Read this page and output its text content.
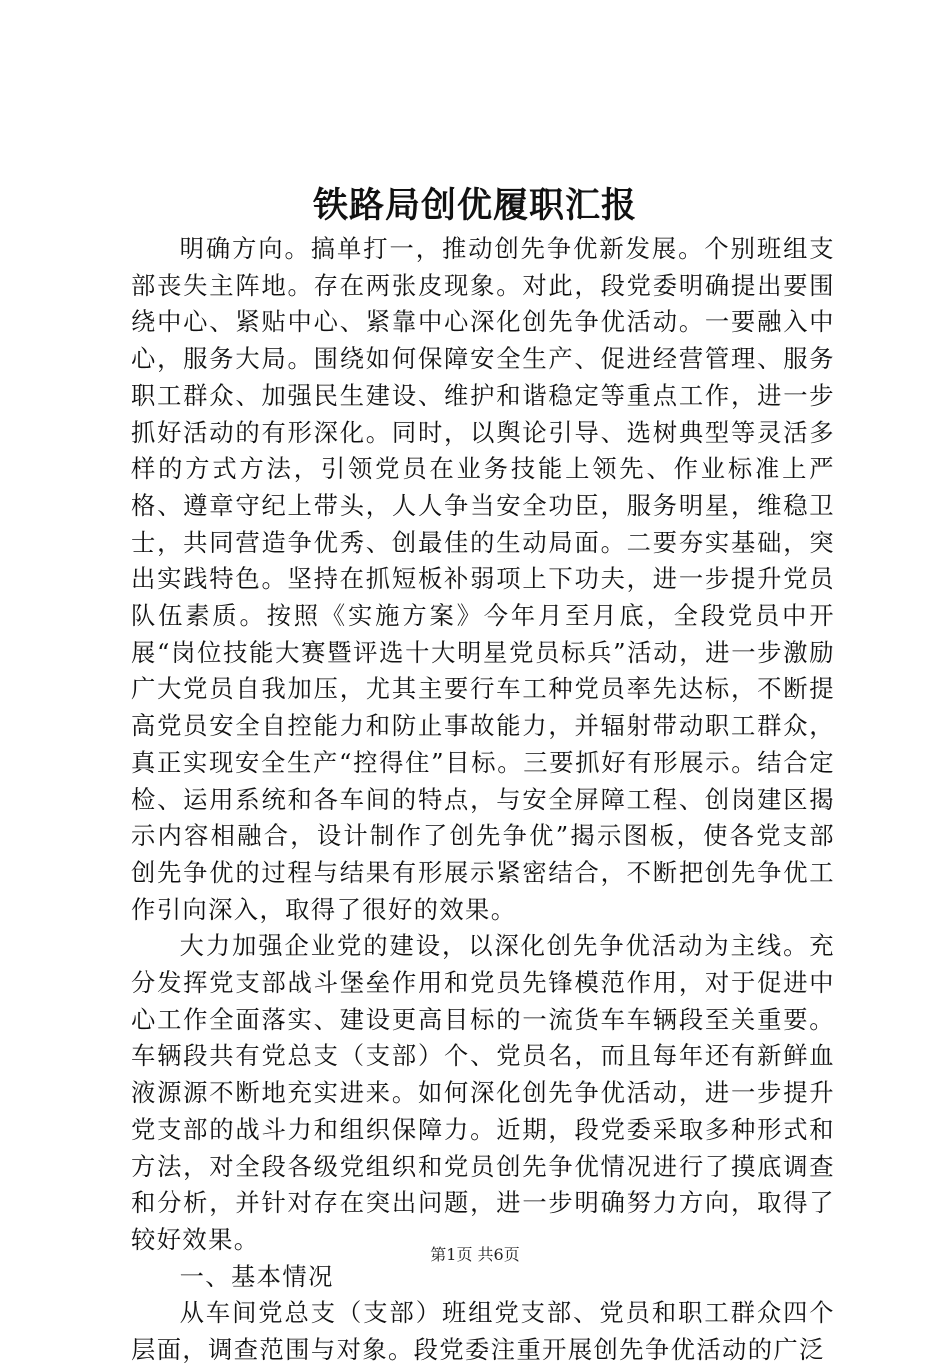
铁路局创优履职汇报

明确方向。搞单打一，推动创先争优新发展。个别班组支部丧失主阵地。存在两张皮现象。对此，段党委明确提出要围绕中心、紧贴中心、紧靠中心深化创先争优活动。一要融入中心，服务大局。围绕如何保障安全生产、促进经营管理、服务职工群众、加强民生建设、维护和谐稳定等重点工作，进一步抓好活动的有形深化。同时，以舆论引导、选树典型等灵活多样的方式方法，引领党员在业务技能上领先、作业标准上严格、遵章守纪上带头，人人争当安全功臣，服务明星，维稳卫士，共同营造争优秀、创最佳的生动局面。二要夯实基础，突出实践特色。坚持在抓短板补弱项上下功夫，进一步提升党员队伍素质。按照《实施方案》今年月至月底，全段党员中开展“岗位技能大赛暨评选十大明星党员标兵”活动，进一步激励广大党员自我加压，尤其主要行车工种党员率先达标，不断提高党员安全自控能力和防止事故能力，并辐射带动职工群众，真正实现安全生产“控得住”目标。三要抓好有形展示。结合定检、运用系统和各车间的特点，与安全屏障工程、创岗建区揭示内容相融合，设计制作了创先争优”揭示图板，使各党支部创先争优的过程与结果有形展示紧密结合，不断把创先争优工作引向深入，取得了很好的效果。

大力加强企业党的建设，以深化创先争优活动为主线。充分发挥党支部战斗堡垒作用和党员先锋模范作用，对于促进中心工作全面落实、建设更高目标的一流货车车辆段至关重要。车辆段共有党总支（支部）个、党员名，而且每年还有新鲜血液源源不断地充实进来。如何深化创先争优活动，进一步提升党支部的战斗力和组织保障力。近期，段党委采取多种形式和方法，对全段各级党组织和党员创先争优情况进行了摸底调查和分析，并针对存在突出问题，进一步明确努力方向，取得了较好效果。

一、基本情况

从车间党总支（支部）班组党支部、党员和职工群众四个层面，调查范围与对象。段党委注重开展创先争优活动的广泛

第1页 共6页
